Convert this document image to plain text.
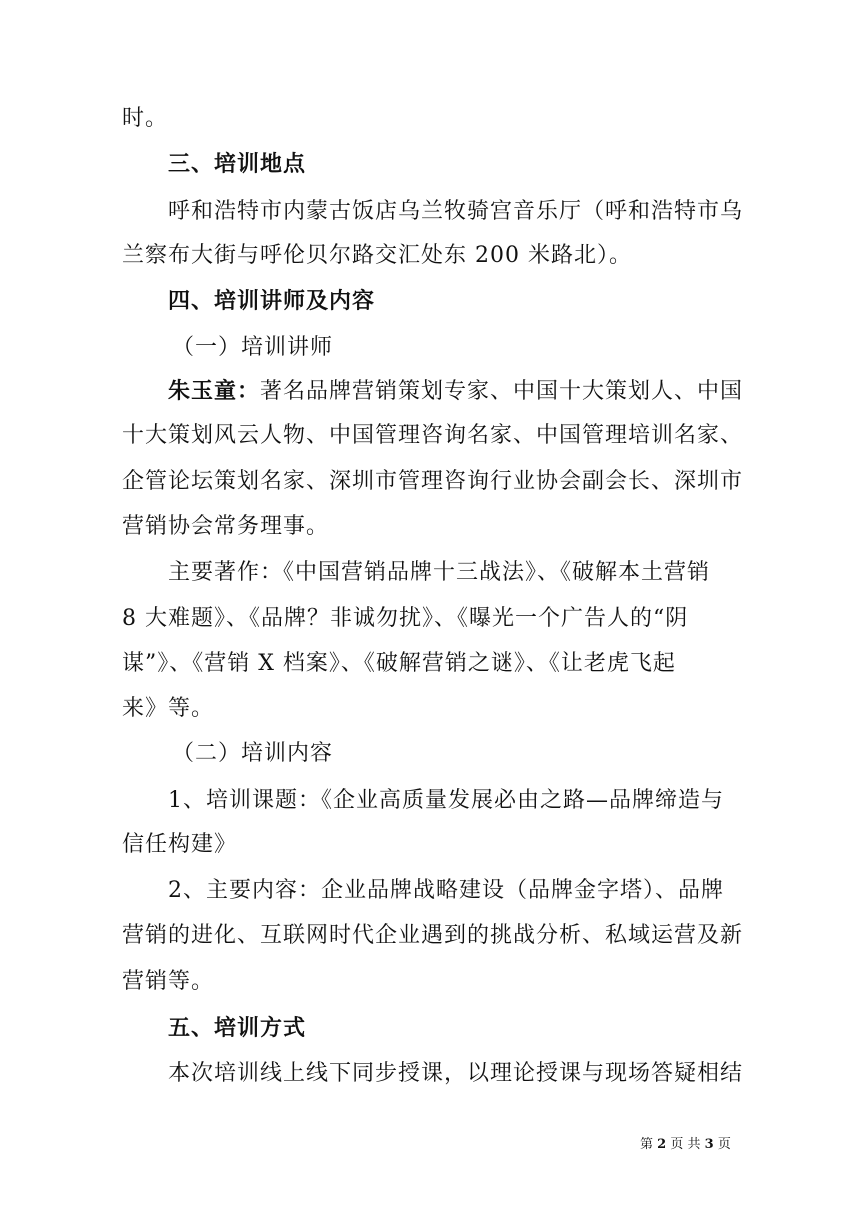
时。
三、培训地点
呼和浩特市内蒙古饭店乌兰牧骑宫音乐厅（呼和浩特市乌
兰察布大街与呼伦贝尔路交汇处东 200 米路北）。
四、培训讲师及内容
（一）培训讲师
朱玉童：著名品牌营销策划专家、中国十大策划人、中国
十大策划风云人物、中国管理咨询名家、中国管理培训名家、
企管论坛策划名家、深圳市管理咨询行业协会副会长、深圳市
营销协会常务理事。
主要著作：《中国营销品牌十三战法》、《破解本土营销
8 大难题》、《品牌？非诚勿扰》、《曝光一个广告人的“阴
谋”》、《营销 X 档案》、《破解营销之谜》、《让老虎飞起
来》等。
（二）培训内容
1、培训课题：《企业高质量发展必由之路—品牌缔造与
信任构建》
2、主要内容：企业品牌战略建设（品牌金字塔）、品牌
营销的进化、互联网时代企业遇到的挑战分析、私域运营及新
营销等。
五、培训方式
本次培训线上线下同步授课，以理论授课与现场答疑相结
第 2 页 共 3 页
